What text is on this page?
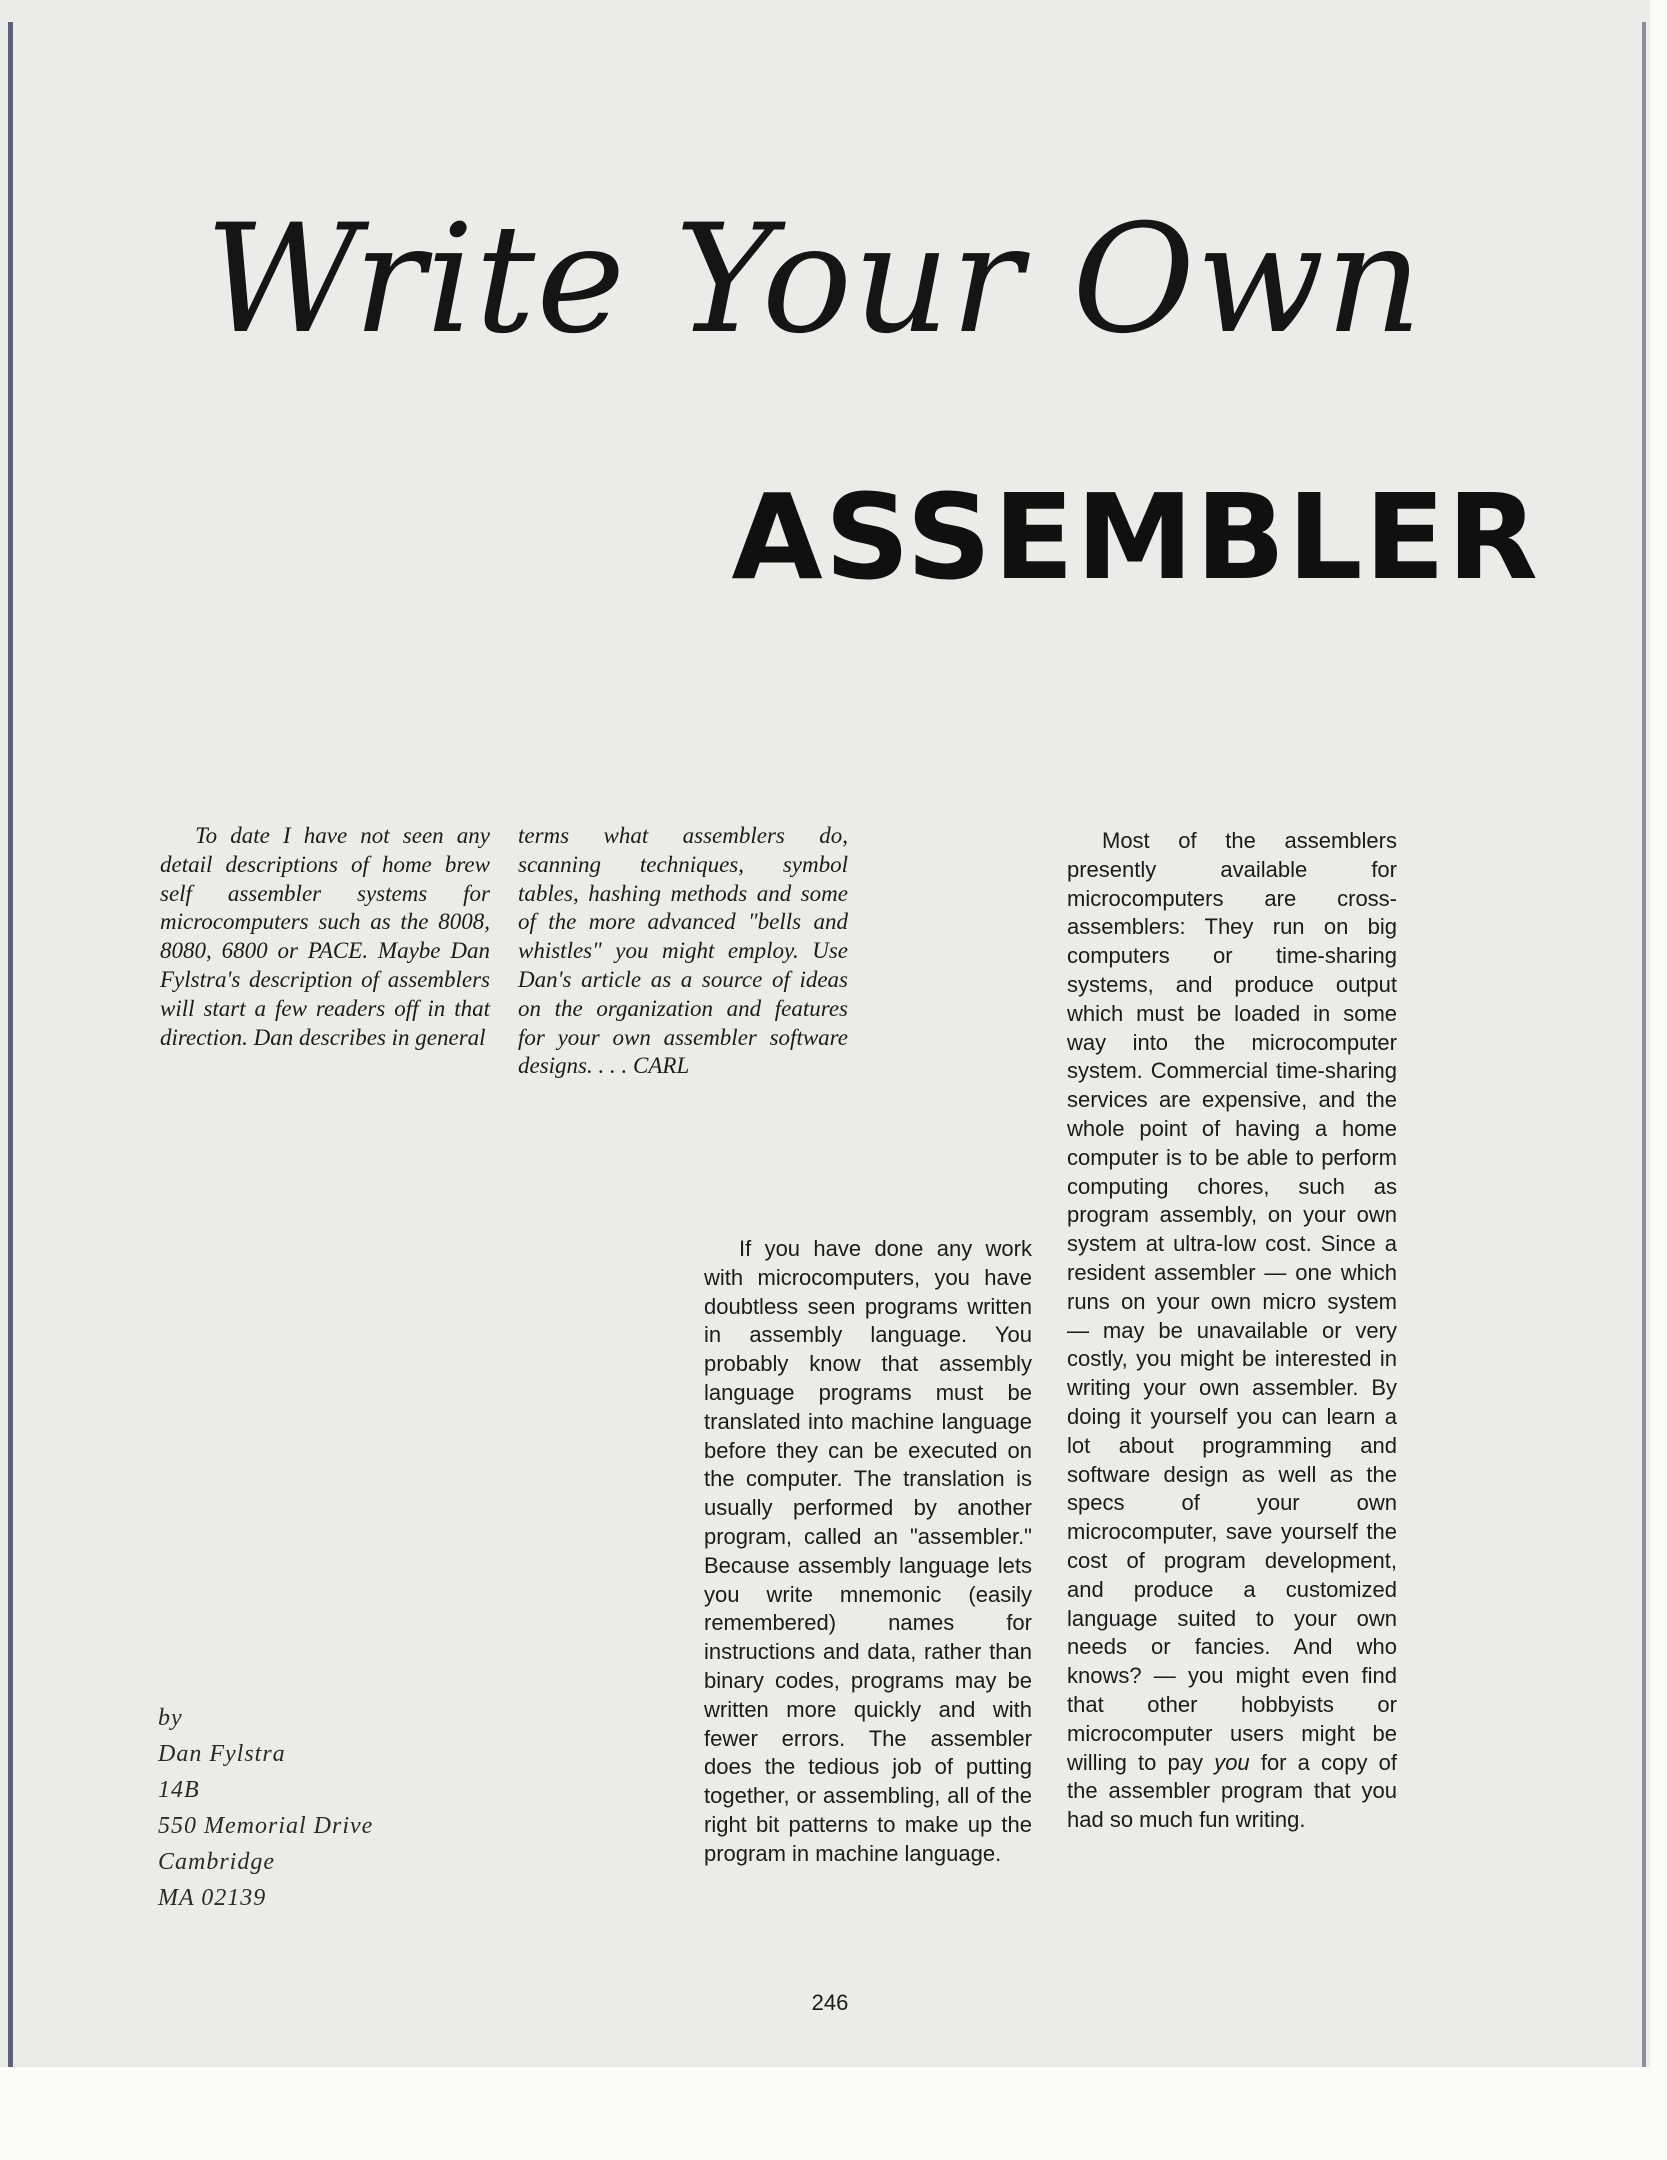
Write Your Own
ASSEMBLER

To date I have not seen any detail descriptions of home brew self assembler systems for microcomputers such as the 8008, 8080, 6800 or PACE. Maybe Dan Fylstra's description of assemblers will start a few readers off in that direction. Dan describes in general

terms what assemblers do, scanning techniques, symbol tables, hashing methods and some of the more advanced "bells and whistles" you might employ. Use Dan's article as a source of ideas on the organization and features for your own assembler software designs. . . . CARL

If you have done any work with microcomputers, you have doubtless seen programs written in assembly language. You probably know that assembly language programs must be translated into machine language before they can be executed on the computer. The translation is usually performed by another program, called an "assembler." Because assembly language lets you write mnemonic (easily remembered) names for instructions and data, rather than binary codes, programs may be written more quickly and with fewer errors. The assembler does the tedious job of putting together, or assembling, all of the right bit patterns to make up the program in machine language.

Most of the assemblers presently available for microcomputers are cross-assemblers: They run on big computers or time-sharing systems, and produce output which must be loaded in some way into the microcomputer system. Commercial time-sharing services are expensive, and the whole point of having a home computer is to be able to perform computing chores, such as program assembly, on your own system at ultra-low cost. Since a resident assembler — one which runs on your own micro system — may be unavailable or very costly, you might be interested in writing your own assembler. By doing it yourself you can learn a lot about programming and software design as well as the specs of your own microcomputer, save yourself the cost of program development, and produce a customized language suited to your own needs or fancies. And who knows? — you might even find that other hobbyists or microcomputer users might be willing to pay you for a copy of the assembler program that you had so much fun writing.

by
Dan Fylstra
14B
550 Memorial Drive
Cambridge
MA 02139
246
